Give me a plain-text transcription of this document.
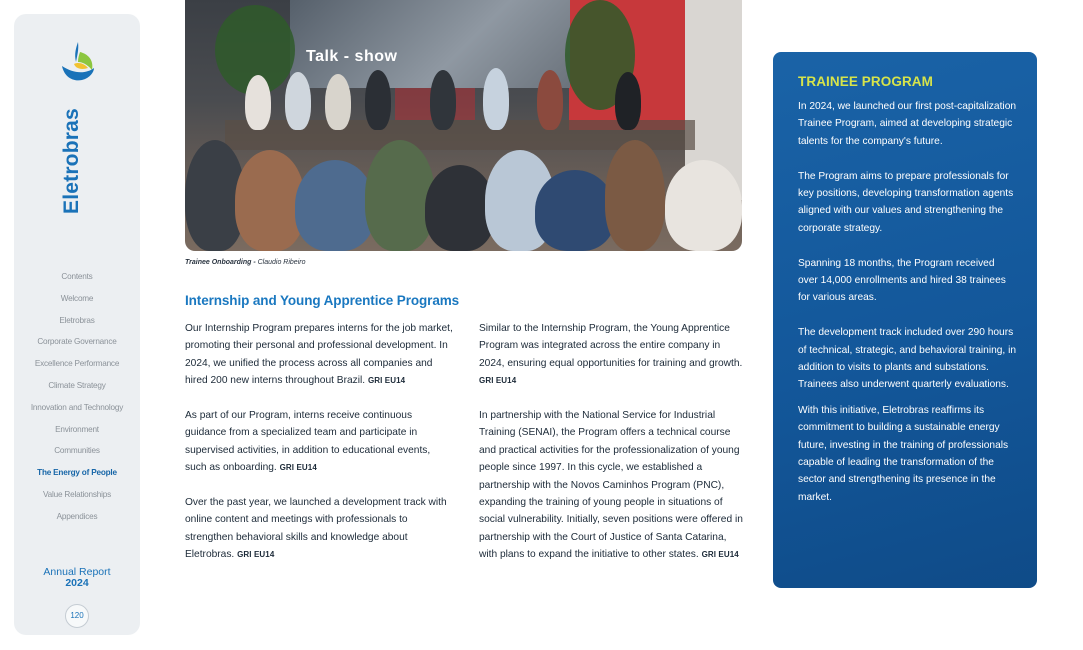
Eletrobras
Contents
Welcome
Eletrobras
Corporate Governance
Excellence Performance
Climate Strategy
Innovation and Technology
Environment
Communities
The Energy of People
Value Relationships
Appendices
Annual Report
2024
120
Talk - show
Trainee Onboarding - Claudio Ribeiro
Internship and Young Apprentice Programs

Our Internship Program prepares interns for the job market, promoting their personal and professional development. In 2024, we unified the process across all companies and hired 200 new interns throughout Brazil. GRI EU14

As part of our Program, interns receive continuous guidance from a specialized team and participate in supervised activities, in addition to educational events, such as onboarding. GRI EU14

Over the past year, we launched a development track with online content and meetings with professionals to strengthen behavioral skills and knowledge about Eletrobras. GRI EU14

Similar to the Internship Program, the Young Apprentice Program was integrated across the entire company in 2024, ensuring equal opportunities for training and growth. GRI EU14

In partnership with the National Service for Industrial Training (SENAI), the Program offers a technical course and practical activities for the professionalization of young people since 1997. In this cycle, we established a partnership with the Novos Caminhos Program (PNC), expanding the training of young people in situations of social vulnerability. Initially, seven positions were offered in partnership with the Court of Justice of Santa Catarina, with plans to expand the initiative to other states. GRI EU14

TRAINEE PROGRAM

In 2024, we launched our first post-capitalization Trainee Program, aimed at developing strategic talents for the company's future.

The Program aims to prepare professionals for key positions, developing transformation agents aligned with our values and strengthening the corporate strategy.

Spanning 18 months, the Program received over 14,000 enrollments and hired 38 trainees for various areas.

The development track included over 290 hours of technical, strategic, and behavioral training, in addition to visits to plants and substations. Trainees also underwent quarterly evaluations.

With this initiative, Eletrobras reaffirms its commitment to building a sustainable energy future, investing in the training of professionals capable of leading the transformation of the sector and strengthening its presence in the market.
